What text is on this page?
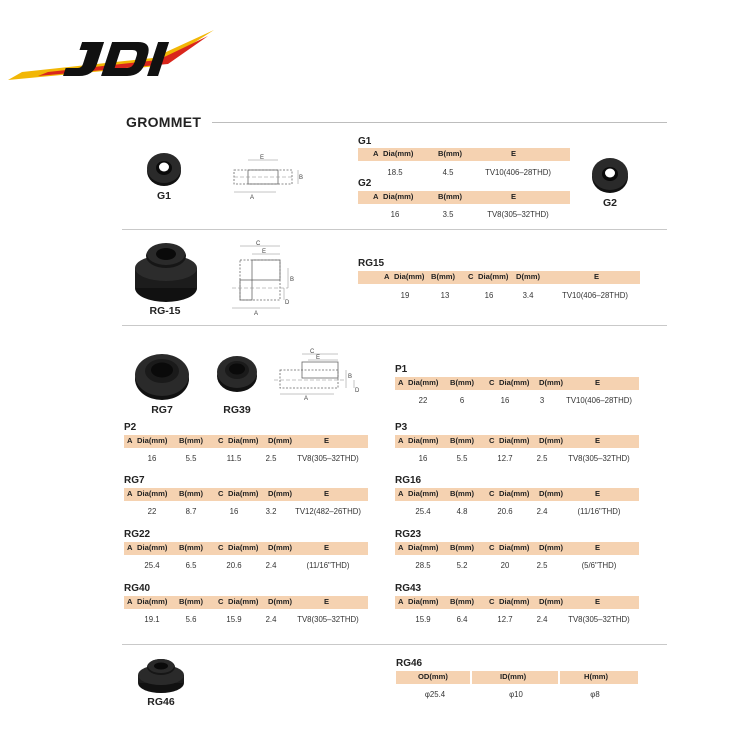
GROMMET
G1
E
A
B
G1
A Dia(mm)	B(mm)	E
18.5	4.5	TV10(406–28THD)
G2
A Dia(mm)	B(mm)	E
16	3.5	TV8(305–32THD)
G2
RG-15
C
E
A
B
D
RG15
A Dia(mm) B(mm) C Dia(mm) D(mm)	E
19	13	16	3.4	TV10(406–28THD)
RG7	RG39
C
E
A
B
D
P1
A Dia(mm) B(mm) C Dia(mm) D(mm)	E
22	6	16	3	TV10(406–28THD)
P2
A Dia(mm) B(mm) C Dia(mm) D(mm)	E
16	5.5	11.5	2.5	TV8(305–32THD)
P3
A Dia(mm) B(mm) C Dia(mm) D(mm)	E
16	5.5	12.7	2.5	TV8(305–32THD)
RG7
A Dia(mm) B(mm) C Dia(mm) D(mm)	E
22	8.7	16	3.2	TV12(482–26THD)
RG16
A Dia(mm) B(mm) C Dia(mm) D(mm)	E
25.4	4.8	20.6	2.4	(11/16"THD)
RG22
A Dia(mm) B(mm) C Dia(mm) D(mm)	E
25.4	6.5	20.6	2.4	(11/16"THD)
RG23
A Dia(mm) B(mm) C Dia(mm) D(mm)	E
28.5	5.2	20	2.5	(5/6"THD)
RG40
A Dia(mm) B(mm) C Dia(mm) D(mm)	E
19.1	5.6	15.9	2.4	TV8(305–32THD)
RG43
A Dia(mm) B(mm) C Dia(mm) D(mm)	E
15.9	6.4	12.7	2.4	TV8(305–32THD)
RG46
RG46
OD(mm)	ID(mm)	H(mm)
φ25.4	φ10	φ8
